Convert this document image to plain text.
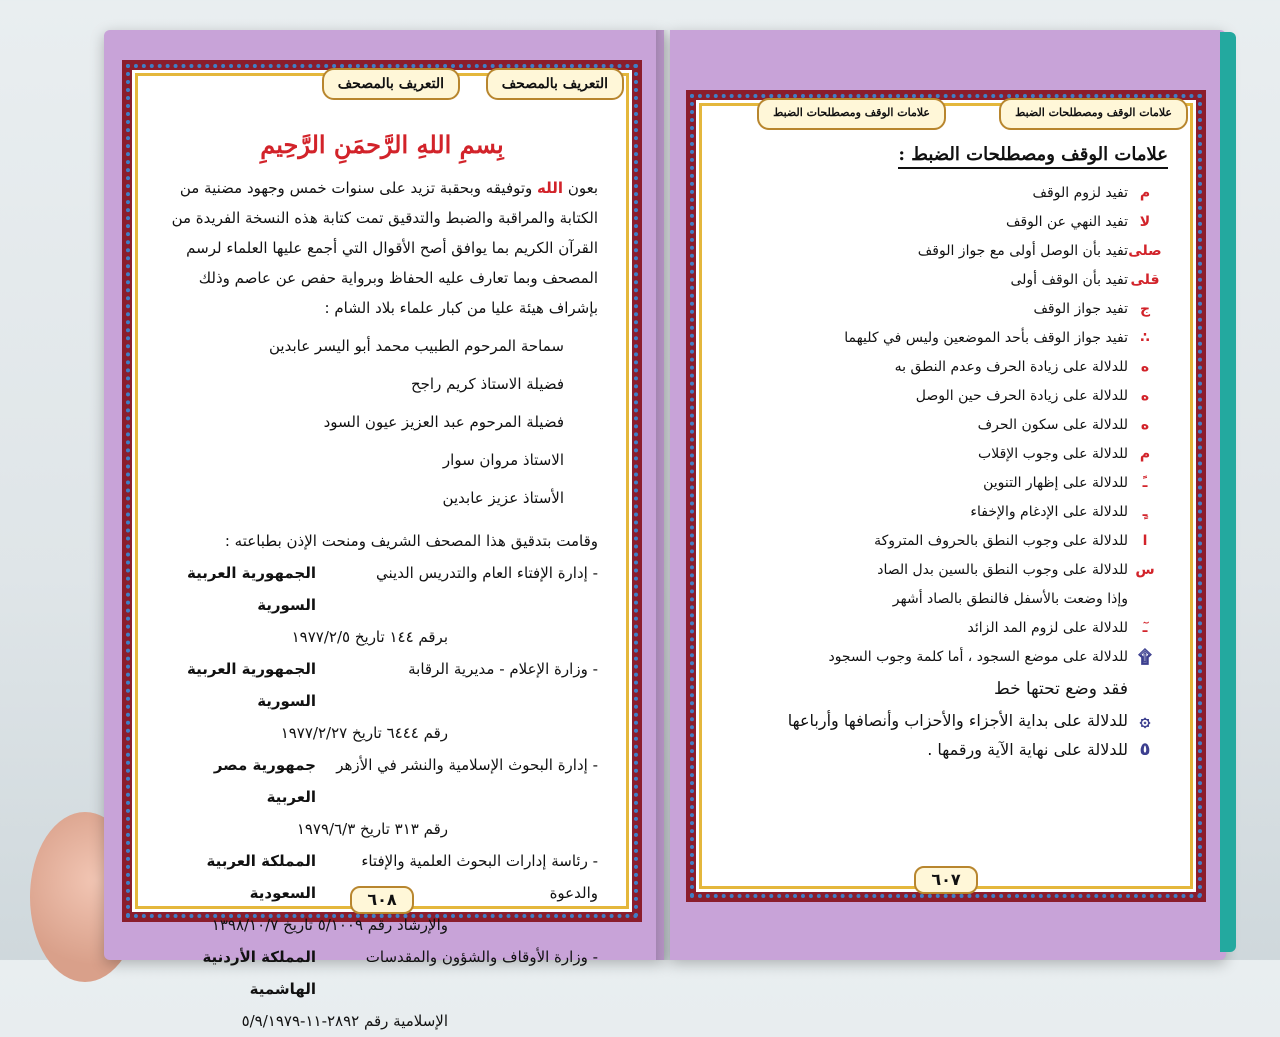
التعريف بالمصحف
التعريف بالمصحف
بِسمِ اللهِ الرَّحمَنِ الرَّحِيمِ

بعون الله وتوفيقه وبحقبة تزيد على سنوات خمس وجهود مضنية من الكتابة والمراقبة والضبط والتدقيق تمت كتابة هذه النسخة الفريدة من القرآن الكريم بما يوافق أصح الأقوال التي أجمع عليها العلماء لرسم المصحف وبما تعارف عليه الحفاظ وبرواية حفص عن عاصم وذلك بإشراف هيئة عليا من كبار علماء بلاد الشام :

سماحة المرحوم الطبيب محمد أبو اليسر عابدين
فضيلة الاستاذ كريم راجح
فضيلة المرحوم عبد العزيز عيون السود
الاستاذ مروان سوار
الأستاذ عزيز عابدين
وقامت بتدقيق هذا المصحف الشريف ومنحت الإذن بطباعته :
- إدارة الإفتاء العام والتدريس الديني
الجمهورية العربية السورية
برقم ١٤٤ تاريخ ١٩٧٧/٢/٥
- وزارة الإعلام - مديرية الرقابة
الجمهورية العربية السورية
رقم ٦٤٤٤ تاريخ ١٩٧٧/٢/٢٧
- إدارة البحوث الإسلامية والنشر في الأزهر
جمهورية مصر العربية
رقم ٣١٣ تاريخ ١٩٧٩/٦/٣
- رئاسة إدارات البحوث العلمية والإفتاء والدعوة
المملكة العربية السعودية
والإرشاد رقم ٥/١٠٠٩ تاريخ ١٣٩٨/١٠/٧
- وزارة الأوقاف والشؤون والمقدسات
المملكة الأردنية الهاشمية
الإسلامية رقم ٢٨٩٢-١١-٥/٩/١٩٧٩
٦٠٨
علامات الوقف ومصطلحات الضبط
علامات الوقف ومصطلحات الضبط
علامات الوقف ومصطلحات الضبط :
م
تفيد لزوم الوقف
لا
تفيد النهي عن الوقف
صلى
تفيد بأن الوصل أولى مع جواز الوقف
قلى
تفيد بأن الوقف أولى
ج
تفيد جواز الوقف
∴
تفيد جواز الوقف بأحد الموضعين وليس في كليهما
ه
للدلالة على زيادة الحرف وعدم النطق به
ه
للدلالة على زيادة الحرف حين الوصل
ه
للدلالة على سكون الحرف
م
للدلالة على وجوب الإقلاب
ـً
للدلالة على إظهار التنوين
ـٍ
للدلالة على الإدغام والإخفاء
ا
للدلالة على وجوب النطق بالحروف المتروكة
س
للدلالة على وجوب النطق بالسين بدل الصاد
وإذا وضعت بالأسفل فالنطق بالصاد أشهر
ـٓ
للدلالة على لزوم المد الزائد
۩
للدلالة على موضع السجود ، أما كلمة وجوب السجود
فقد وضع تحتها خط
۞
للدلالة على بداية الأجزاء والأحزاب وأنصافها وأرباعها
٥
للدلالة على نهاية الآية ورقمها .
٦٠٧
